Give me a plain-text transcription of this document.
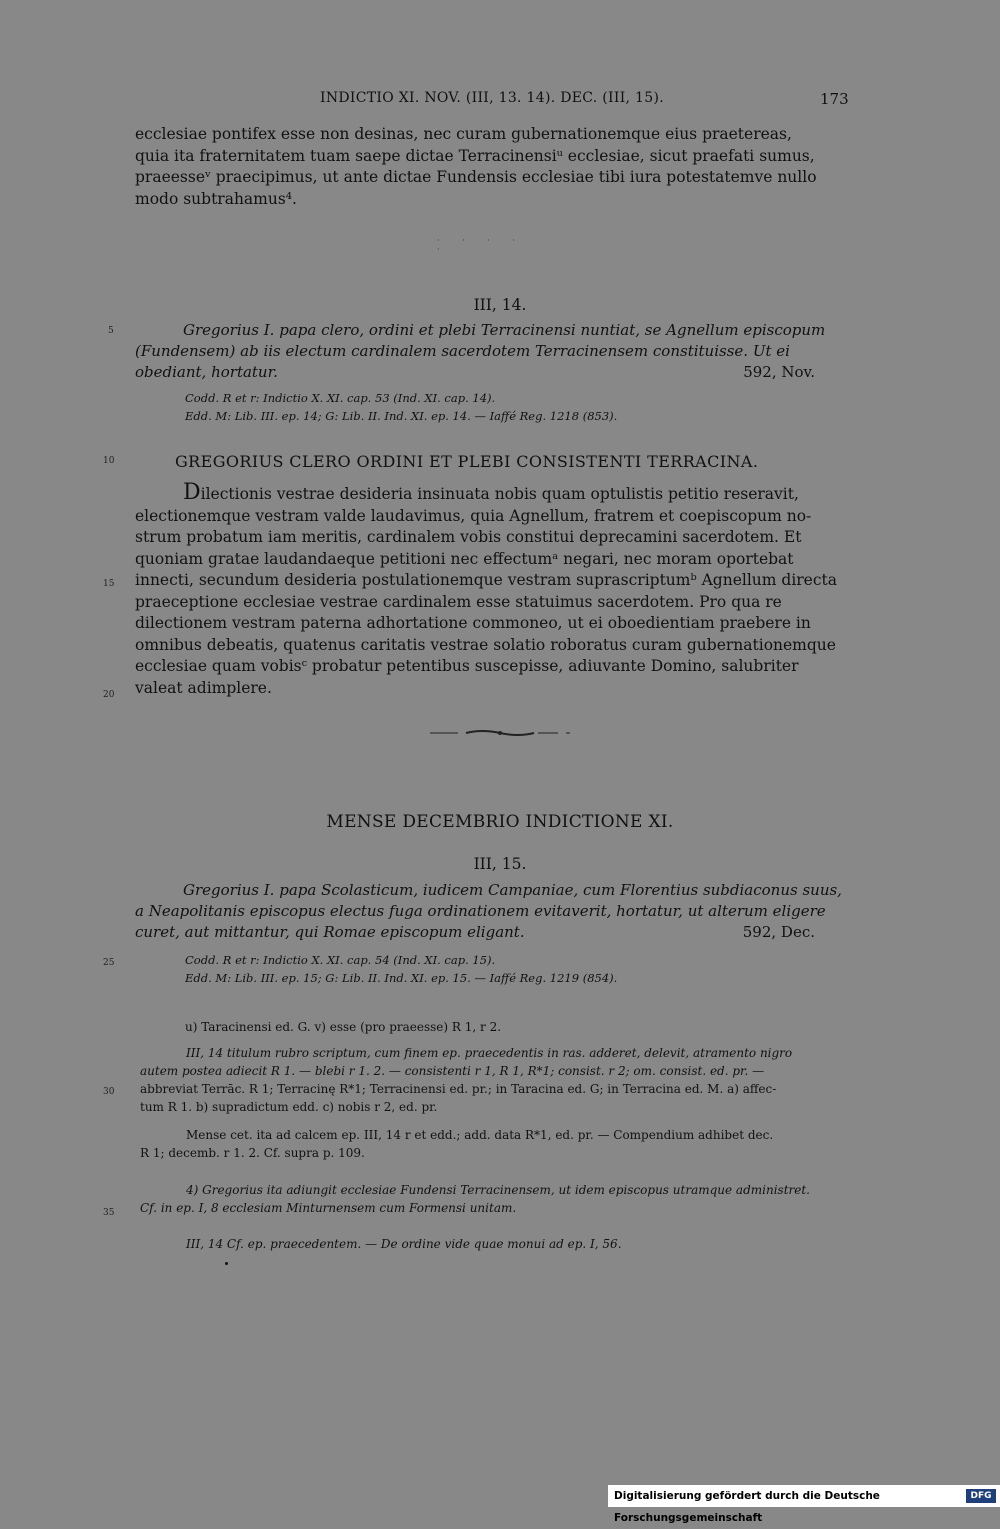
INDICTIO XI. NOV. (III, 13. 14). DEC. (III, 15).	173

ecclesiae pontifex esse non desinas, nec curam gubernationemque eius praetereas,

quia ita fraternitatem tuam saepe dictae Terracinensiᵘ ecclesiae, sicut praefati sumus,

praeesseᵛ praecipimus, ut ante dictae Fundensis ecclesiae tibi iura potestatemve nullo

modo subtrahamus⁴.

· · · · ·
III, 14.
5	Gregorius I. papa clero, ordini et plebi Terracinensi nuntiat, se Agnellum episcopum
(Fundensem) ab iis electum cardinalem sacerdotem Terracinensem constituisse. Ut ei
obediant, hortatur.	592, Nov.
Codd. R et r: Indictio X. XI. cap. 53 (Ind. XI. cap. 14).
Edd. M: Lib. III. ep. 14; G: Lib. II. Ind. XI. ep. 14. — Iaffé Reg. 1218 (853).
10	GREGORIUS CLERO ORDINI ET PLEBI CONSISTENTI TERRACINA.

Dilectionis vestrae desideria insinuata nobis quam optulistis petitio reseravit,

electionemque vestram valde laudavimus, quia Agnellum, fratrem et coepiscopum no-

strum probatum iam meritis, cardinalem vobis constitui deprecamini sacerdotem. Et

quoniam gratae laudandaeque petitioni nec effectumᵃ negari, nec moram oportebat

innecti, secundum desideria postulationemque vestram suprascriptumᵇ Agnellum directa

praeceptione ecclesiae vestrae cardinalem esse statuimus sacerdotem. Pro qua re

dilectionem vestram paterna adhortatione commoneo, ut ei oboedientiam praebere in

omnibus debeatis, quatenus caritatis vestrae solatio roboratus curam gubernationemque

ecclesiae quam vobisᶜ probatur petentibus suscepisse, adiuvante Domino, salubriter

valeat adimplere.

15
20
MENSE DECEMBRIO INDICTIONE XI.
III, 15.
Gregorius I. papa Scolasticum, iudicem Campaniae, cum Florentius subdiaconus suus,
a Neapolitanis episcopus electus fuga ordinationem evitaverit, hortatur, ut alterum eligere
curet, aut mittantur, qui Romae episcopum eligant.	592, Dec.
25	Codd. R et r: Indictio X. XI. cap. 54 (Ind. XI. cap. 15).
Edd. M: Lib. III. ep. 15; G: Lib. II. Ind. XI. ep. 15. — Iaffé Reg. 1219 (854).
u) Taracinensi ed. G. v) esse (pro praeesse) R 1, r 2.
III, 14 titulum rubro scriptum, cum finem ep. praecedentis in ras. adderet, delevit, atramento nigro
autem postea adiecit R 1. — blebi r 1. 2. — consistenti r 1, R 1, R*1; consist. r 2; om. consist. ed. pr. —
abbreviat Terrāc. R 1; Terracinę R*1; Terracinensi ed. pr.; in Taracina ed. G; in Terracina ed. M. a) affec-
tum R 1. b) supradictum edd. c) nobis r 2, ed. pr.
30
Mense cet. ita ad calcem ep. III, 14 r et edd.; add. data R*1, ed. pr. — Compendium adhibet dec.
R 1; decemb. r 1. 2. Cf. supra p. 109.
4) Gregorius ita adiungit ecclesiae Fundensi Terracinensem, ut idem episcopus utramque administret.
Cf. in ep. I, 8 ecclesiam Minturnensem cum Formensi unitam.
35
III, 14 Cf. ep. praecedentem. — De ordine vide quae monui ad ep. I, 56.
Digitalisierung gefördert durch die Deutsche Forschungsgemeinschaft
DFG
